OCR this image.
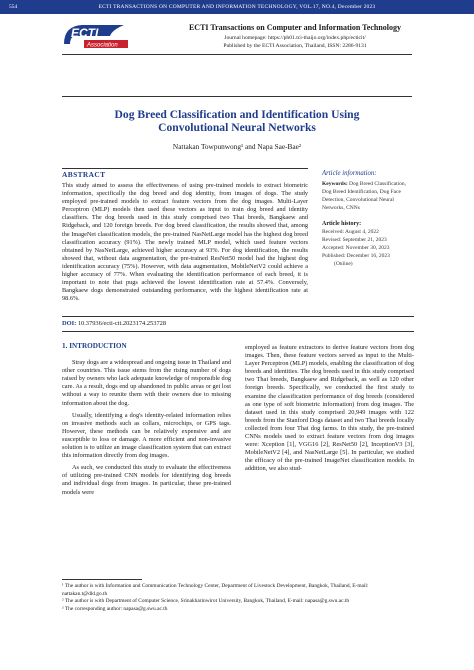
554	ECTI TRANSACTIONS ON COMPUTER AND INFORMATION TECHNOLOGY, VOL.17, NO.4, December 2023
ECTI
Association
ECTI Transactions on Computer and Information Technology
Journal homepage: https://ph01.tci-thaijo.org/index.php/ecticit/
Published by the ECTI Association, Thailand, ISSN: 2286-9131
Dog Breed Classification and Identification Using
Convolutional Neural Networks
Nattakan Towpunwong¹ and Napa Sae-Bae²
ABSTRACT
This study aimed to assess the effectiveness of using pre-trained models to extract biometric information, specifically the dog breed and dog identity, from images of dogs. The study employed pre-trained models to extract feature vectors from the dog images. Multi-Layer Perceptron (MLP) models then used these vectors as input to train dog breed and identity classifiers. The dog breeds used in this study comprised two Thai breeds, Bangkaew and Ridgeback, and 120 foreign breeds. For dog breed classification, the results showed that, among the ImageNet classification models, the pre-trained NasNetLarge model has the highest dog breed classification accuracy (91%). The newly trained MLP model, which used feature vectors obtained by NasNetLarge, achieved higher accuracy at 93%. For dog identification, the results showed that, without data augmentation, the pre-trained ResNet50 model had the highest dog identification accuracy (75%). However, with data augmentation, MobileNetV2 could achieve a higher accuracy of 77%. When evaluating the identification performance of each breed, it is important to note that pugs achieved the lowest identification rate at 57.4%. Conversely, Bangkaew dogs demonstrated outstanding performance, with the highest identification rate at 98.6%.
Article information:
Keywords: Dog Breed Classification, Dog Breed Identification, Dog Face Detection, Convolutional Neural Networks, CNNs
Article history:
Received: August 4, 2022
Revised: September 21, 2023
Accepted: November 30, 2023
Published: December 16, 2023
(Online)
DOI: 10.37936/ecti-cit.2023174.253728
1. INTRODUCTION

Stray dogs are a widespread and ongoing issue in Thailand and other countries. This issue stems from the rising number of dogs raised by owners who lack adequate knowledge of responsible dog care. As a result, dogs end up abandoned in public areas or get lost without a way to reunite them with their owners due to missing information about the dog.

Usually, identifying a dog's identity-related information relies on invasive methods such as collars, microchips, or GPS tags. However, these methods can be relatively expensive and are susceptible to loss or damage. A more efficient and non-invasive solution is to utilize an image classification system that can extract this information directly from dog images.

As such, we conducted this study to evaluate the effectiveness of utilizing pre-trained CNN models for identifying dog breeds and individual dogs from images. In particular, these pre-trained models were

employed as feature extractors to derive feature vectors from dog images. Then, these feature vectors served as input to the Multi-Layer Perceptron (MLP) models, enabling the classification of dog breeds and identities. The dog breeds used in this study comprised two Thai breeds, Bangkaew and Ridgeback, as well as 120 other foreign breeds. Specifically, we conducted the first study to examine the classification performance of dog breeds (considered as one type of soft biometric information) from dog images. The dataset used in this study comprised 20,949 images with 122 breeds from the Stanford Dogs dataset and two Thai breeds locally collected from four Thai dog farms. In this study, the pre-trained CNNs models used to extract feature vectors from dog images were: Xception [1], VGG16 [2], ResNet50 [2], InceptionV3 [3], MobileNetV2 [4], and NasNetLarge [5]. In particular, we studied the efficacy of the pre-trained ImageNet classification models. In addition, we also stud-

¹ The author is with Information and Communication Technology Center, Department of Livestock Development, Bangkok, Thailand, E-mail: nattakan.t@dld.go.th

² The author is with Department of Computer Science, Srinakharinwirot University, Bangkok, Thailand, E-mail: napasa@g.swu.ac.th

² The corresponding author: napasa@g.swu.ac.th
